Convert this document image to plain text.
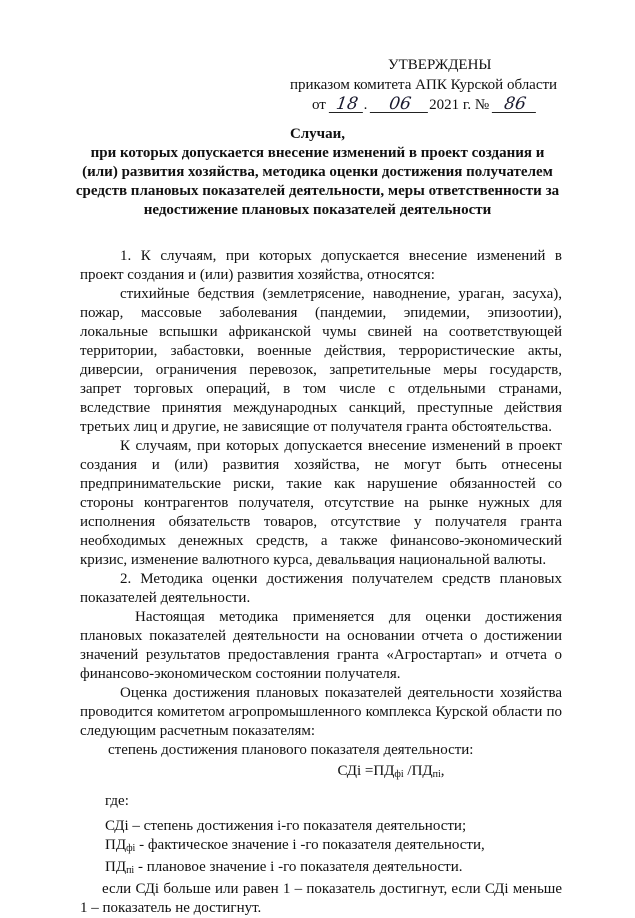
УТВЕРЖДЕНЫ
приказом комитета АПК Курской области
от 18 . 06 2021 г. № 86
Случаи,
при которых допускается внесение изменений в проект создания и
(или) развития хозяйства, методика оценки достижения получателем
средств плановых показателей деятельности, меры ответственности за
недостижение плановых показателей деятельности

1. К случаям, при которых допускается внесение изменений в проект создания и (или) развития хозяйства, относятся:

стихийные бедствия (землетрясение, наводнение, ураган, засуха), пожар, массовые заболевания (пандемии, эпидемии, эпизоотии), локальные вспышки африканской чумы свиней на соответствующей территории, забастовки, военные действия, террористические акты, диверсии, ограничения перевозок, запретительные меры государств, запрет торговых операций, в том числе с отдельными странами, вследствие принятия международных санкций, преступные действия третьих лиц и другие, не зависящие от получателя гранта обстоятельства.

К случаям, при которых допускается внесение изменений в проект создания и (или) развития хозяйства, не могут быть отнесены предпринимательские риски, такие как нарушение обязанностей со стороны контрагентов получателя, отсутствие на рынке нужных для исполнения обязательств товаров, отсутствие у получателя гранта необходимых денежных средств, а также финансово-экономический кризис, изменение валютного курса, девальвация национальной валюты.

2. Методика оценки достижения получателем средств плановых показателей деятельности.

Настоящая методика применяется для оценки достижения плановых показателей деятельности на основании отчета о достижении значений результатов предоставления гранта «Агростартап» и отчета о финансово-экономическом состоянии получателя.

Оценка достижения плановых показателей деятельности хозяйства проводится комитетом агропромышленного комплекса Курской области по следующим расчетным показателям:

степень достижения планового показателя деятельности:

СДi $=ПД_{фi}$ $/ПД_{пi}$,

где:

СДi – степень достижения i-го показателя деятельности;

$ПД_{фi}$ - фактическое значение i -го показателя деятельности,

$ПД_{пi}$ - плановое значение i -го показателя деятельности.

если СДi больше или равен 1 – показатель достигнут, если СДi меньше 1 – показатель не достигнут.
